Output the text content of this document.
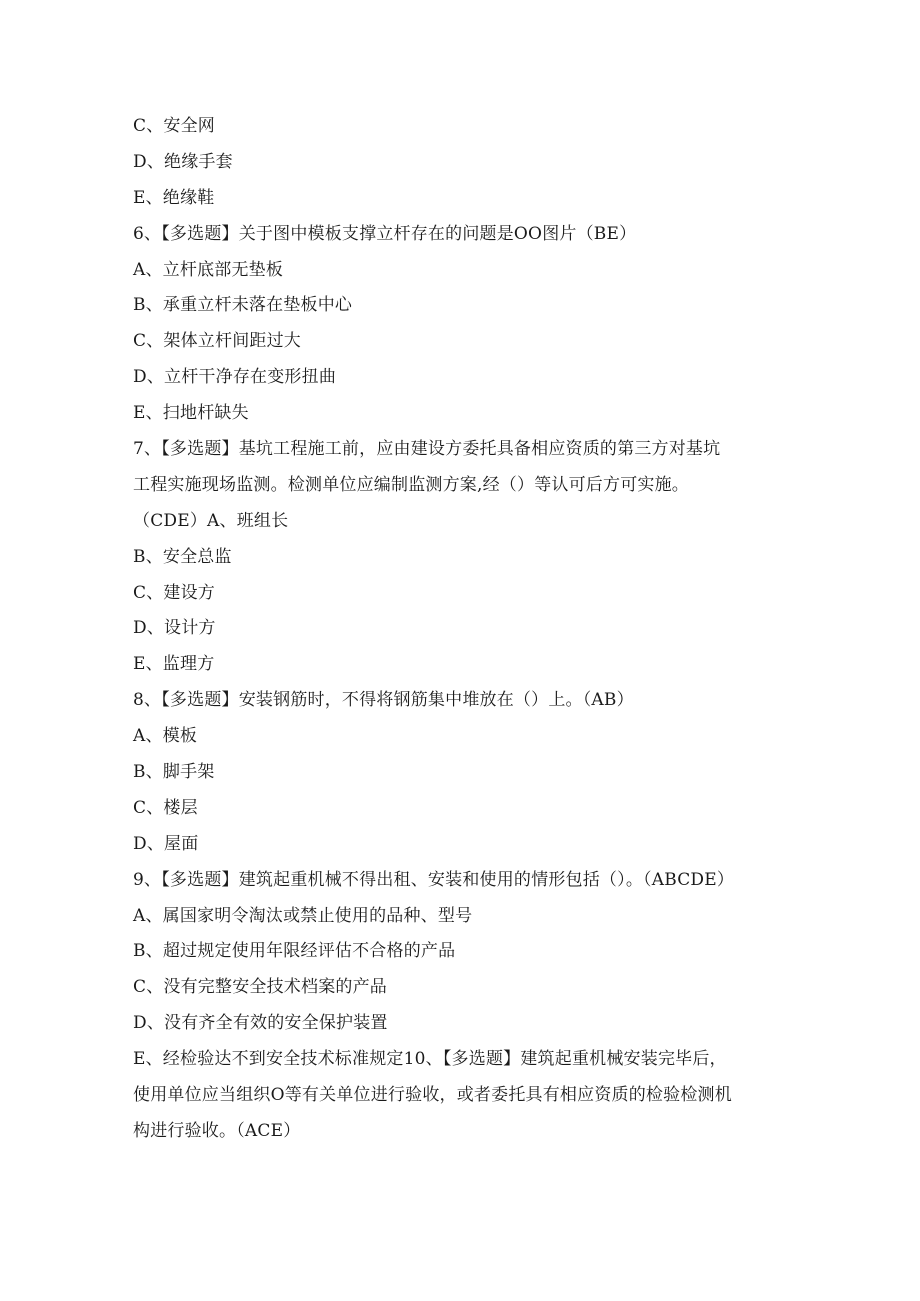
C、安全网
D、绝缘手套
E、绝缘鞋
6、【多选题】关于图中模板支撑立杆存在的问题是OO图片（BE）
A、立杆底部无垫板
B、承重立杆未落在垫板中心
C、架体立杆间距过大
D、立杆干净存在变形扭曲
E、扫地杆缺失
7、【多选题】基坑工程施工前，应由建设方委托具备相应资质的第三方对基坑
工程实施现场监测。检测单位应编制监测方案,经（）等认可后方可实施。
（CDE）A、班组长
B、安全总监
C、建设方
D、设计方
E、监理方
8、【多选题】安装钢筋时，不得将钢筋集中堆放在（）上。（AB）
A、模板
B、脚手架
C、楼层
D、屋面
9、【多选题】建筑起重机械不得出租、安装和使用的情形包括（）。（ABCDE）
A、属国家明令淘汰或禁止使用的品种、型号
B、超过规定使用年限经评估不合格的产品
C、没有完整安全技术档案的产品
D、没有齐全有效的安全保护装置
E、经检验达不到安全技术标准规定10、【多选题】建筑起重机械安装完毕后，
使用单位应当组织O等有关单位进行验收，或者委托具有相应资质的检验检测机
构进行验收。（ACE）
